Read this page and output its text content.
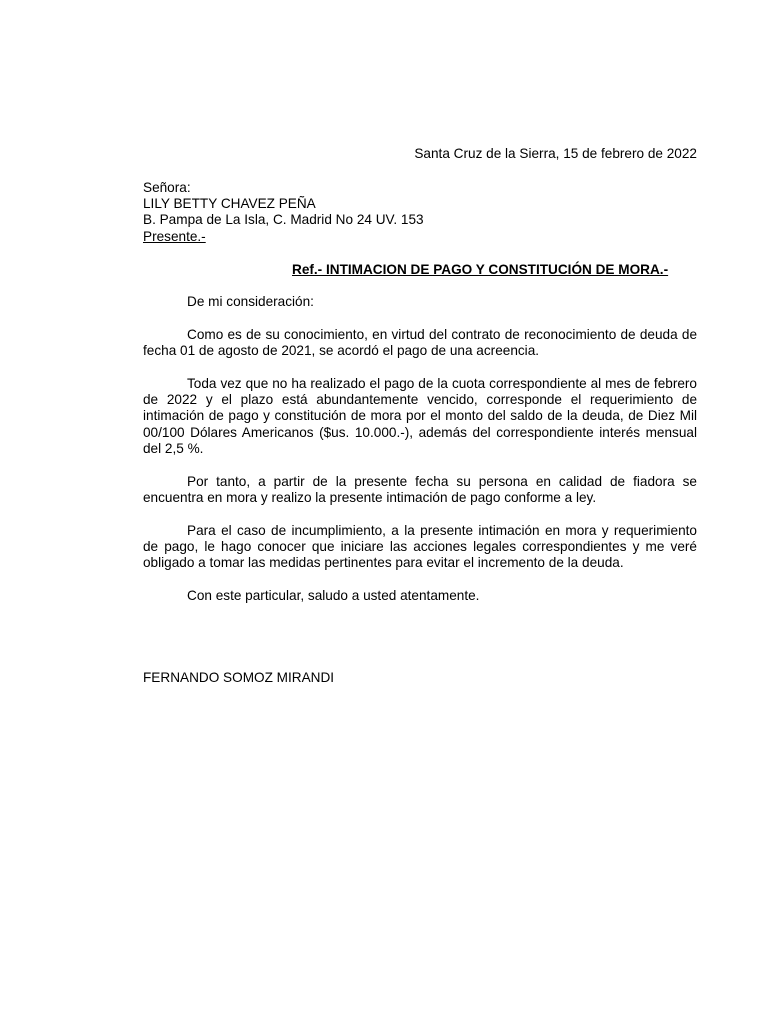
Santa Cruz de la Sierra, 15 de febrero de 2022
Señora:
LILY BETTY CHAVEZ PEÑA
B. Pampa de La Isla, C. Madrid No 24 UV. 153
Presente.-
Ref.- INTIMACION DE PAGO Y CONSTITUCIÓN DE MORA.-
De mi consideración:
Como es de su conocimiento, en virtud del contrato de reconocimiento de deuda de fecha 01 de agosto de 2021, se acordó el pago de una acreencia.
Toda vez que no ha realizado el pago de la cuota correspondiente al mes de febrero de 2022 y el plazo está abundantemente vencido, corresponde el requerimiento de intimación de pago y constitución de mora por el monto del saldo de la deuda, de Diez Mil 00/100 Dólares Americanos ($us. 10.000.-), además del correspondiente interés mensual del 2,5 %.
Por tanto, a partir de la presente fecha su persona en calidad de fiadora se encuentra en mora y realizo la presente intimación de pago conforme a ley.
Para el caso de incumplimiento, a la presente intimación en mora y requerimiento de pago, le hago conocer que iniciare las acciones legales correspondientes y me veré obligado a tomar las medidas pertinentes para evitar el incremento de la deuda.
Con este particular, saludo a usted atentamente.
FERNANDO SOMOZ MIRANDI
